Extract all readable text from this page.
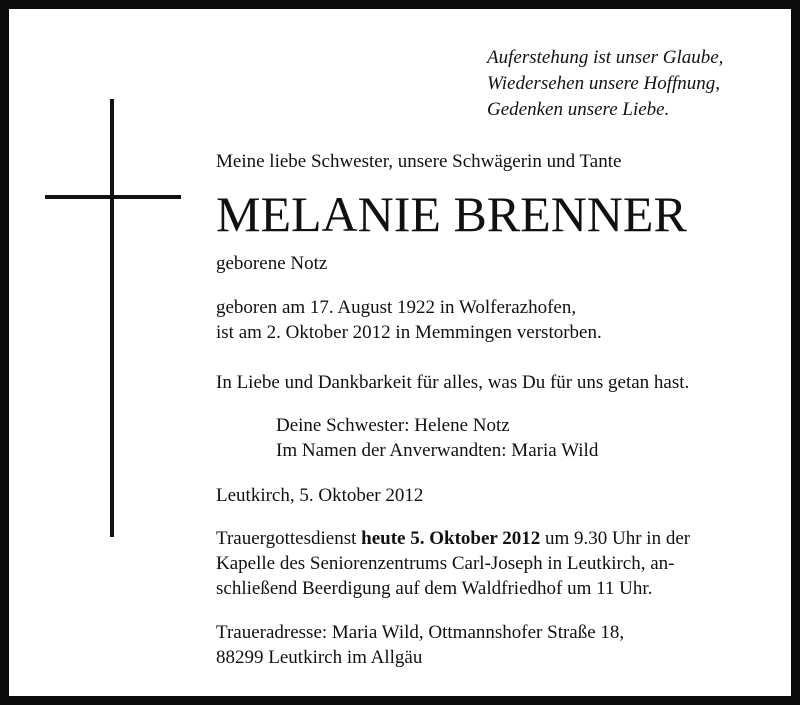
Auferstehung ist unser Glaube,
Wiedersehen unsere Hoffnung,
Gedenken unsere Liebe.
Meine liebe Schwester, unsere Schwägerin und Tante
MELANIE BRENNER
geborene Notz
geboren am 17. August 1922 in Wolferazhofen,
ist am 2. Oktober 2012 in Memmingen verstorben.
In Liebe und Dankbarkeit für alles, was Du für uns getan hast.
Deine Schwester: Helene Notz
Im Namen der Anverwandten: Maria Wild
Leutkirch, 5. Oktober 2012
Trauergottesdienst heute 5. Oktober 2012 um 9.30 Uhr in der
Kapelle des Seniorenzentrums Carl-Joseph in Leutkirch, an-
schließend Beerdigung auf dem Waldfriedhof um 11 Uhr.
Traueradresse: Maria Wild, Ottmannshofer Straße 18,
88299 Leutkirch im Allgäu
